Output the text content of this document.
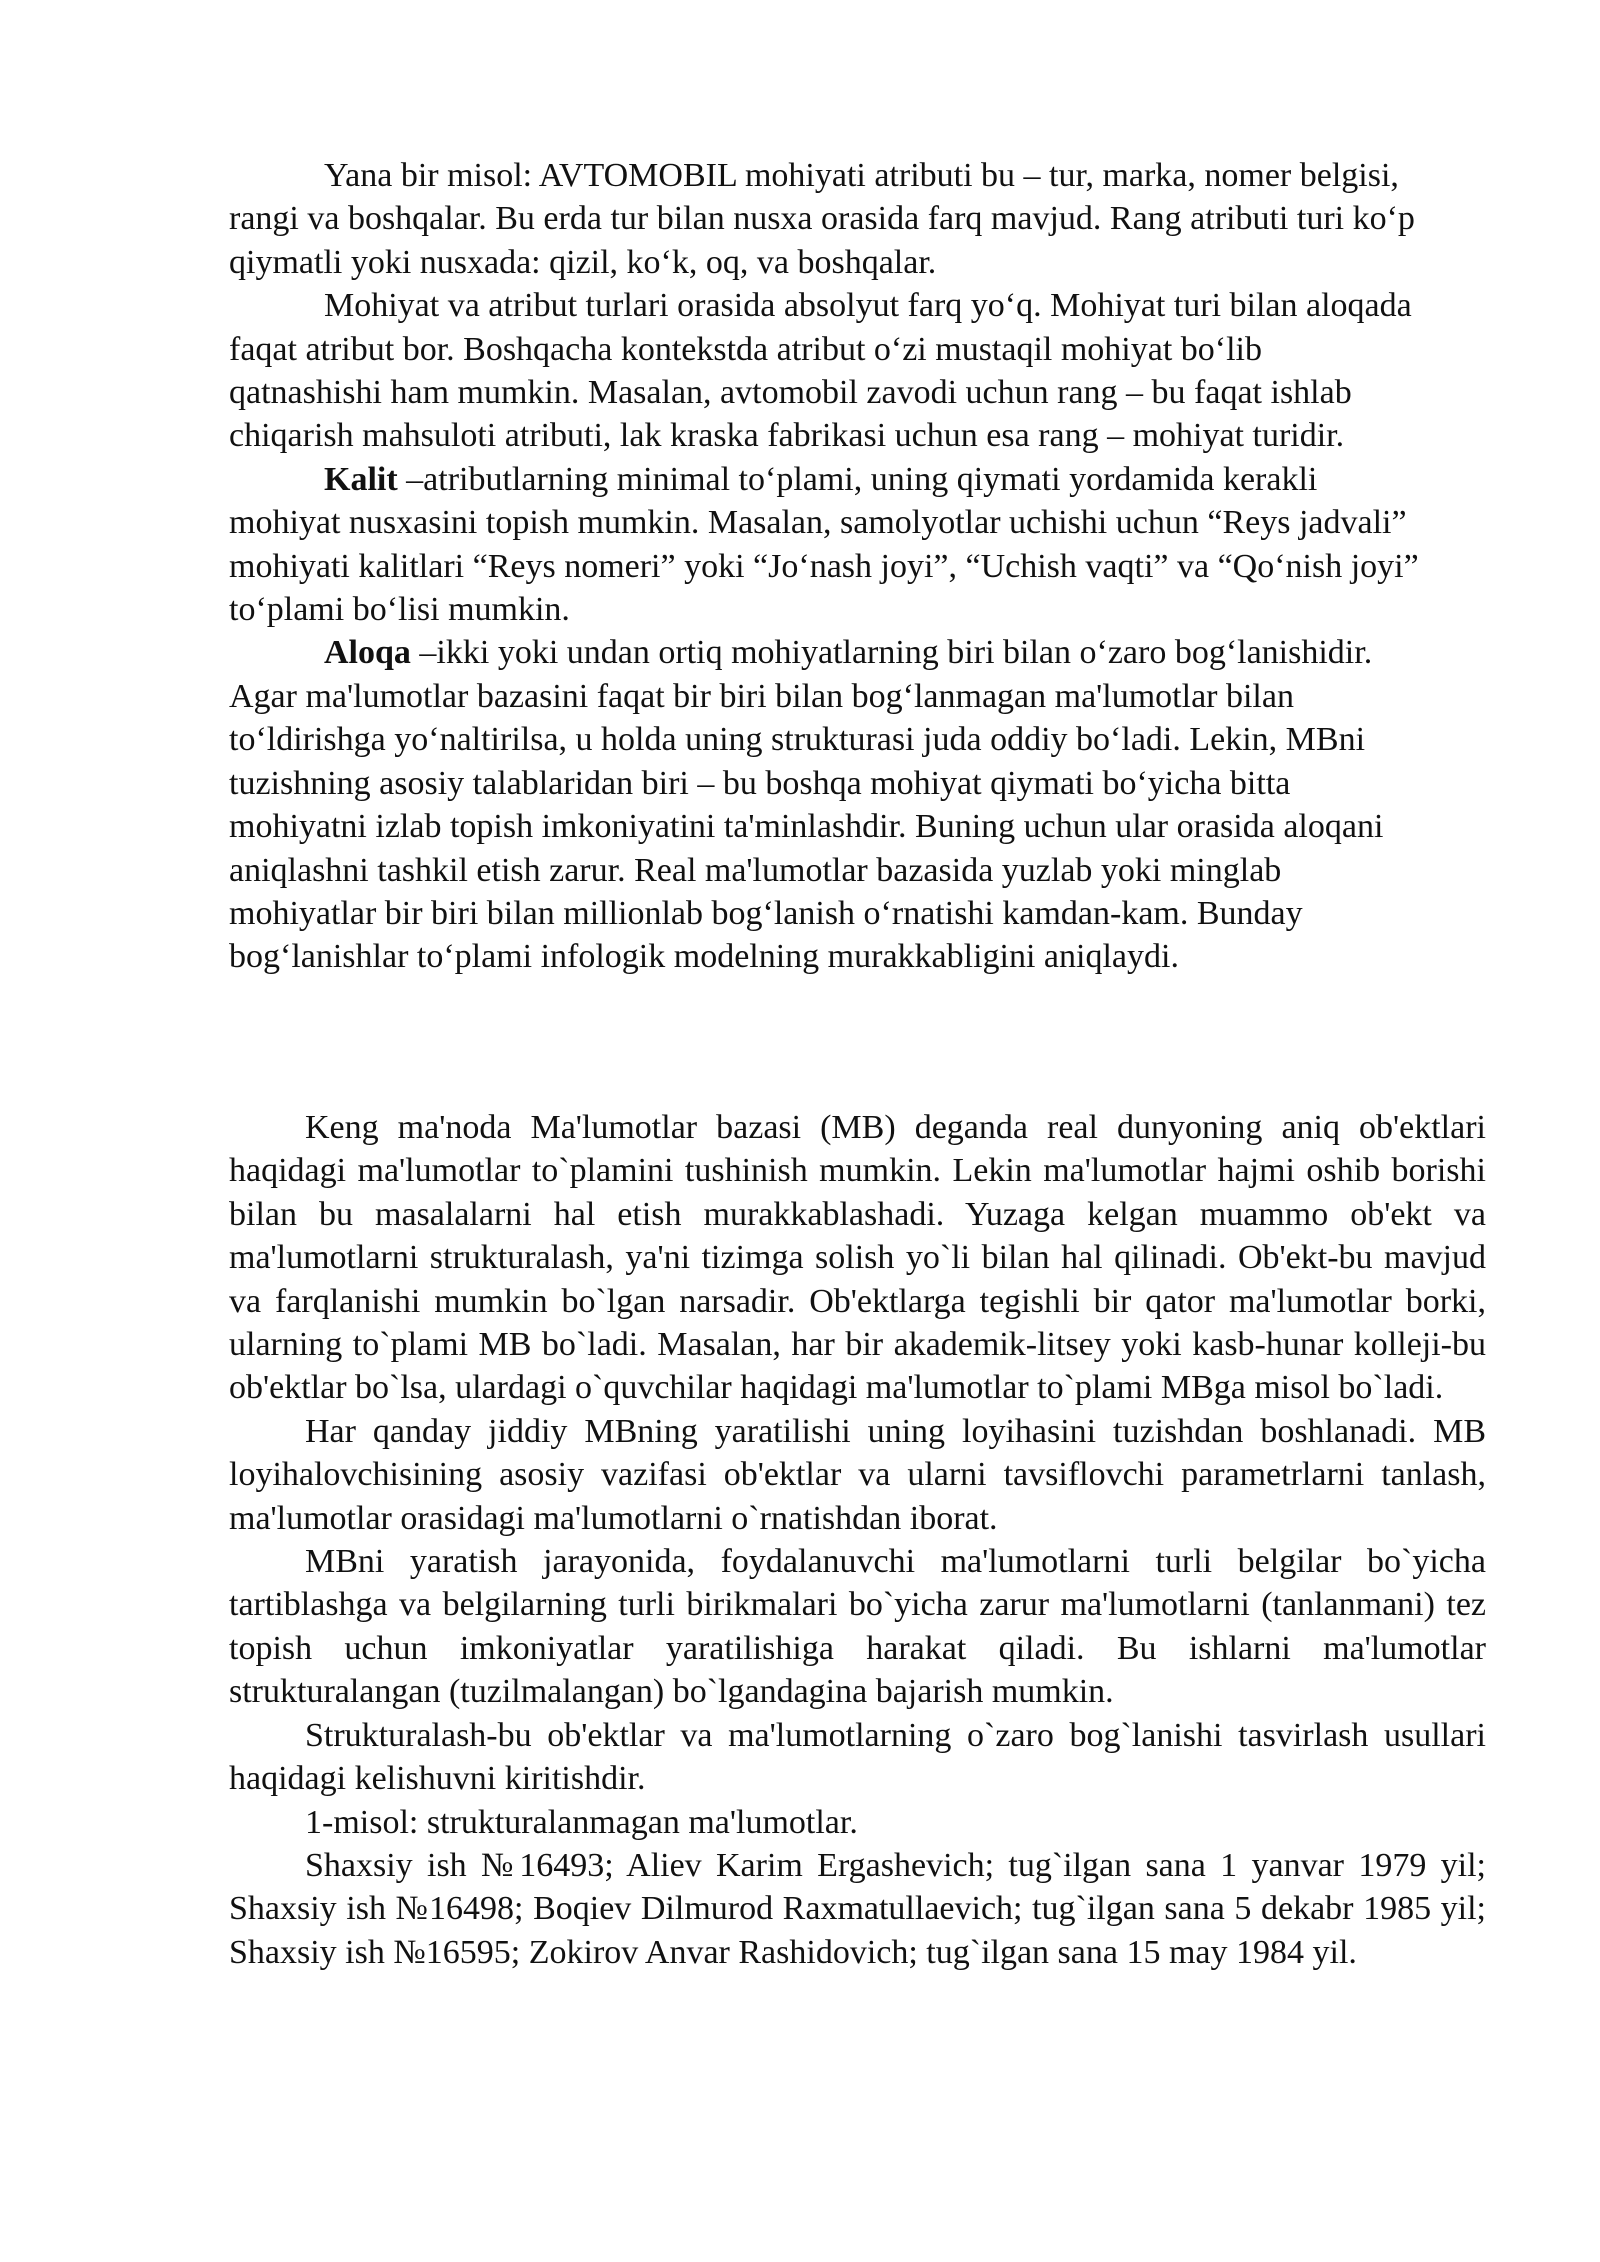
Yana bir misol: AVTOMOBIL mohiyati atributi bu – tur, marka, nomer belgisi, rangi va boshqalar. Bu erda tur bilan nusxa orasida farq mavjud. Rang atributi turi koʻp qiymatli yoki nusxada: qizil, koʻk, oq, va boshqalar.

Mohiyat va atribut turlari orasida absolyut farq yoʻq. Mohiyat turi bilan aloqada faqat atribut bor. Boshqacha kontekstda atribut oʻzi mustaqil mohiyat boʻlib qatnashishi ham mumkin. Masalan, avtomobil zavodi uchun rang – bu faqat ishlab chiqarish mahsuloti atributi, lak kraska fabrikasi uchun esa rang – mohiyat turidir.

Kalit –atributlarning minimal toʻplami, uning qiymati yordamida kerakli mohiyat nusxasini topish mumkin. Masalan, samolyotlar uchishi uchun “Reys jadvali” mohiyati kalitlari “Reys nomeri” yoki “Joʻnash joyi”, “Uchish vaqti” va “Qoʻnish joyi” toʻplami boʻlisi mumkin.

Aloqa –ikki yoki undan ortiq mohiyatlarning biri bilan oʻzaro bogʻlanishidir. Agar ma'lumotlar bazasini faqat bir biri bilan bogʻlanmagan ma'lumotlar bilan toʻldirishga yoʻnaltirilsa, u holda uning strukturasi juda oddiy boʻladi. Lekin, MBni tuzishning asosiy talablaridan biri – bu boshqa mohiyat qiymati boʻyicha bitta mohiyatni izlab topish imkoniyatini ta'minlashdir. Buning uchun ular orasida aloqani aniqlashni tashkil etish zarur. Real ma'lumotlar bazasida yuzlab yoki minglab mohiyatlar bir biri bilan millionlab bogʻlanish oʻrnatishi kamdan-kam. Bunday bogʻlanishlar toʻplami infologik modelning murakkabligini aniqlaydi.

Keng ma'noda Ma'lumotlar bazasi (MB) deganda real dunyoning aniq ob'ektlari haqidagi ma'lumotlar to`plamini tushinish mumkin. Lekin ma'lumotlar hajmi oshib borishi bilan bu masalalarni hal etish murakkablashadi. Yuzaga kelgan muammo ob'ekt va ma'lumotlarni strukturalash, ya'ni tizimga solish yo`li bilan hal qilinadi. Ob'ekt-bu mavjud va farqlanishi mumkin bo`lgan narsadir. Ob'ektlarga tegishli bir qator ma'lumotlar borki, ularning to`plami MB bo`ladi. Masalan, har bir akademik-litsey yoki kasb-hunar kolleji-bu ob'ektlar bo`lsa, ulardagi o`quvchilar haqidagi ma'lumotlar to`plami MBga misol bo`ladi.

Har qanday jiddiy MBning yaratilishi uning loyihasini tuzishdan boshlanadi. MB loyihalovchisining asosiy vazifasi ob'ektlar va ularni tavsiflovchi parametrlarni tanlash, ma'lumotlar orasidagi ma'lumotlarni o`rnatishdan iborat.

MBni yaratish jarayonida, foydalanuvchi ma'lumotlarni turli belgilar bo`yicha tartiblashga va belgilarning turli birikmalari bo`yicha zarur ma'lumotlarni (tanlanmani) tez topish uchun imkoniyatlar yaratilishiga harakat qiladi. Bu ishlarni ma'lumotlar strukturalangan (tuzilmalangan) bo`lgandagina bajarish mumkin.

Strukturalash-bu ob'ektlar va ma'lumotlarning o`zaro bog`lanishi tasvirlash usullari haqidagi kelishuvni kiritishdir.

1-misol: strukturalanmagan ma'lumotlar.

Shaxsiy ish №16493; Aliev Karim Ergashevich; tug`ilgan sana 1 yanvar 1979 yil; Shaxsiy ish №16498; Boqiev Dilmurod Raxmatullaevich; tug`ilgan sana 5 dekabr 1985 yil; Shaxsiy ish №16595; Zokirov Anvar Rashidovich; tug`ilgan sana 15 may 1984 yil.
